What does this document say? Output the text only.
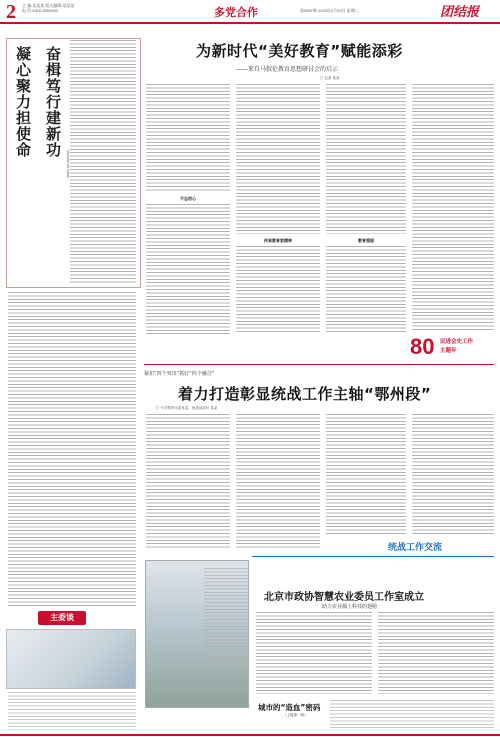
2 主 编:某某某 版式编辑:某某某
电 话:0316-0000000	多党合作	第5957期 2025年4月29日 星期二	团结报
凝心聚力担使命 奋楫笃行建新功
民革某委主委 张某某
主委谈
为新时代“美好教育”赋能添彩
——来自马叙伦教育思想研讨会的启示
□ 记者 某某
不忘初心
传承教育家精神	教育强国
80 民进会史工作
主题年
紧扣“四个突出”抓好“四个融合”
着力打造彰显统战工作主轴“鄂州段”
□ 中共鄂州市委常委、统战部部长 某某
统战工作交流
北京市政协智慧农业委员工作室成立
助力农业插上科技的翅膀
城市的“造血”密码
（上接第一版）
